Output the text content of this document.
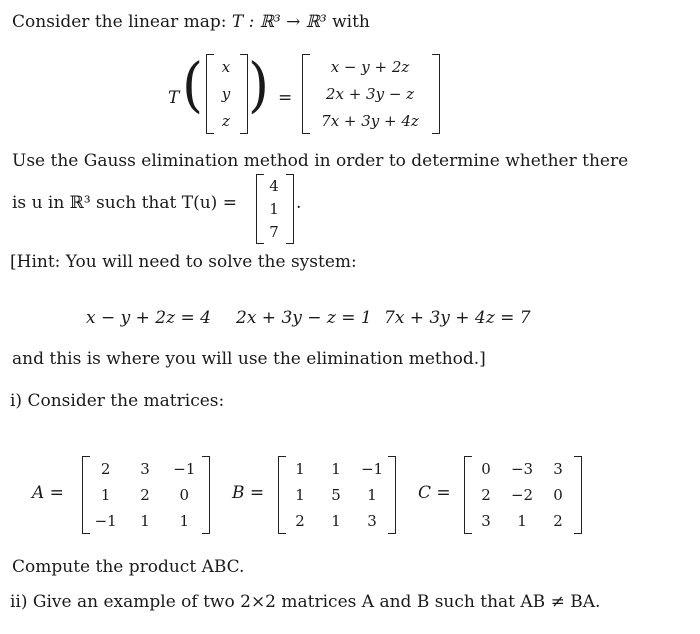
Consider the linear map: T : ℝ³ → ℝ³ with
T ( x
y
z
) =
x − y + 2z
2x + 3y − z
7x + 3y + 4z
Use the Gauss elimination method in order to determine whether there
is u in ℝ³ such that T(u) =
4
1
7
.
[Hint: You will need to solve the system:
x − y + 2z = 4 2x + 3y − z = 1 7x + 3y + 4z = 7
and this is where you will use the elimination method.]
i) Consider the matrices:
A =
2 3 −1
1 2 0
−1 1 1
B =
1 1 −1
1 5 1
2 1 3
C =
0 −3 3
2 −2 0
3 1 2
Compute the product ABC.
ii) Give an example of two 2×2 matrices A and B such that AB ≠ BA.
